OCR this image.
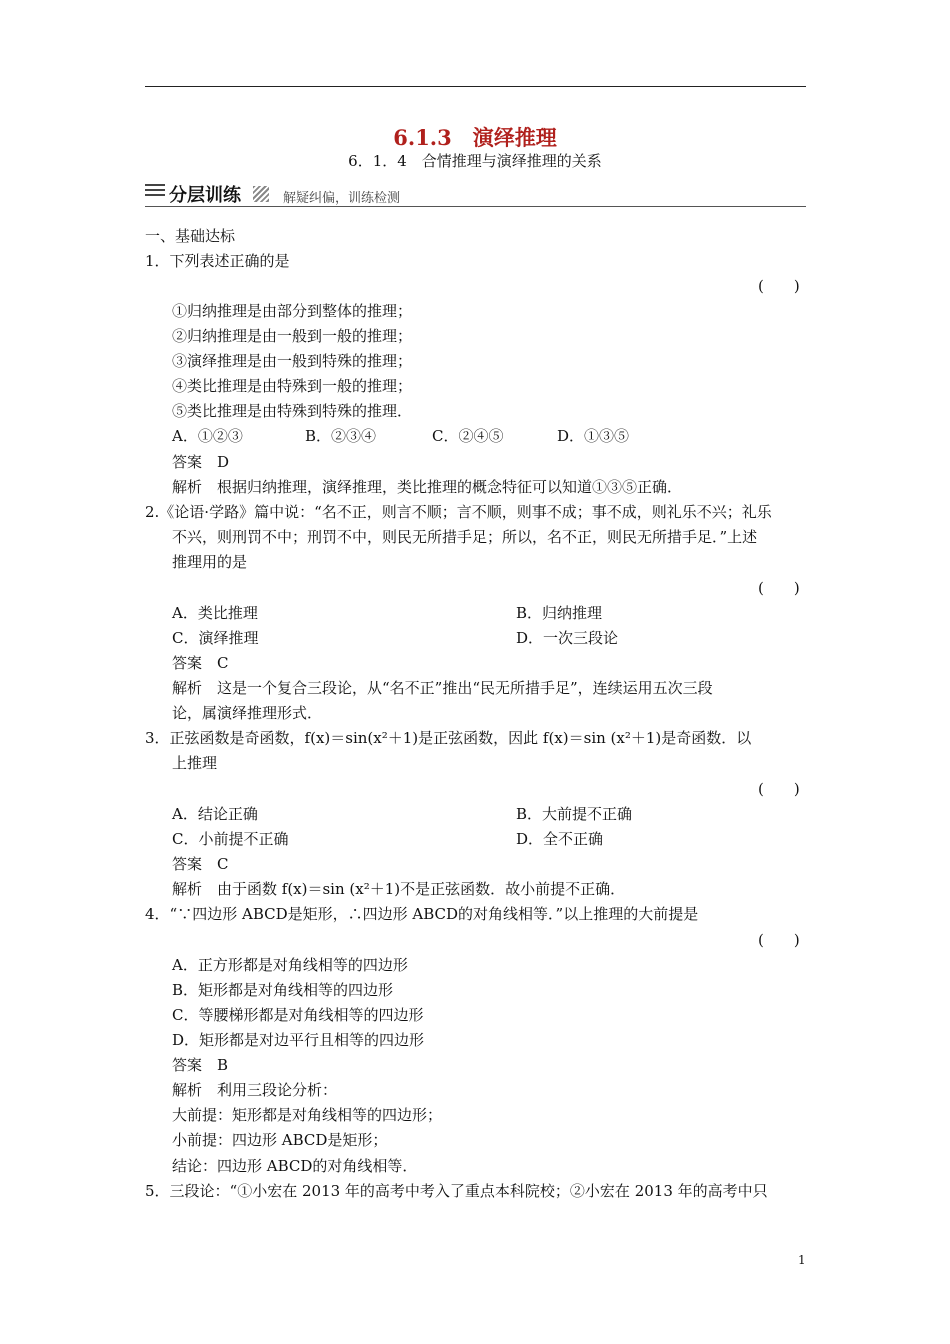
6.1.3　演绎推理
6．1．4　合情推理与演绎推理的关系
分层训练	解疑纠偏，训练检测
一、基础达标
1．下列表述正确的是
(　　)
①归纳推理是由部分到整体的推理；
②归纳推理是由一般到一般的推理；
③演绎推理是由一般到特殊的推理；
④类比推理是由特殊到一般的推理；
⑤类比推理是由特殊到特殊的推理．
A．①②③	B．②③④	C．②④⑤	D．①③⑤
答案　D
解析　根据归纳推理，演绎推理，类比推理的概念特征可以知道①③⑤正确．
2.《论语·学路》篇中说：“名不正，则言不顺；言不顺，则事不成；事不成，则礼乐不兴；礼乐
不兴，则刑罚不中；刑罚不中，则民无所措手足；所以，名不正，则民无所措手足．”上述
推理用的是
(　　)
A．类比推理	B．归纳推理
C．演绎推理	D．一次三段论
答案　C
解析　这是一个复合三段论，从“名不正”推出“民无所措手足”，连续运用五次三段
论，属演绎推理形式．
3．正弦函数是奇函数，f(x)＝sin(x²＋1)是正弦函数，因此 f(x)＝sin (x²＋1)是奇函数．以
上推理
(　　)
A．结论正确	B．大前提不正确
C．小前提不正确	D．全不正确
答案　C
解析　由于函数 f(x)＝sin (x²＋1)不是正弦函数．故小前提不正确．
4．“∵四边形 ABCD是矩形，∴四边形 ABCD的对角线相等．”以上推理的大前提是
(　　)
A．正方形都是对角线相等的四边形
B．矩形都是对角线相等的四边形
C．等腰梯形都是对角线相等的四边形
D．矩形都是对边平行且相等的四边形
答案　B
解析　利用三段论分析：
大前提：矩形都是对角线相等的四边形；
小前提：四边形 ABCD是矩形；
结论：四边形 ABCD的对角线相等．
5．三段论：“①小宏在 2013 年的高考中考入了重点本科院校；②小宏在 2013 年的高考中只
1
